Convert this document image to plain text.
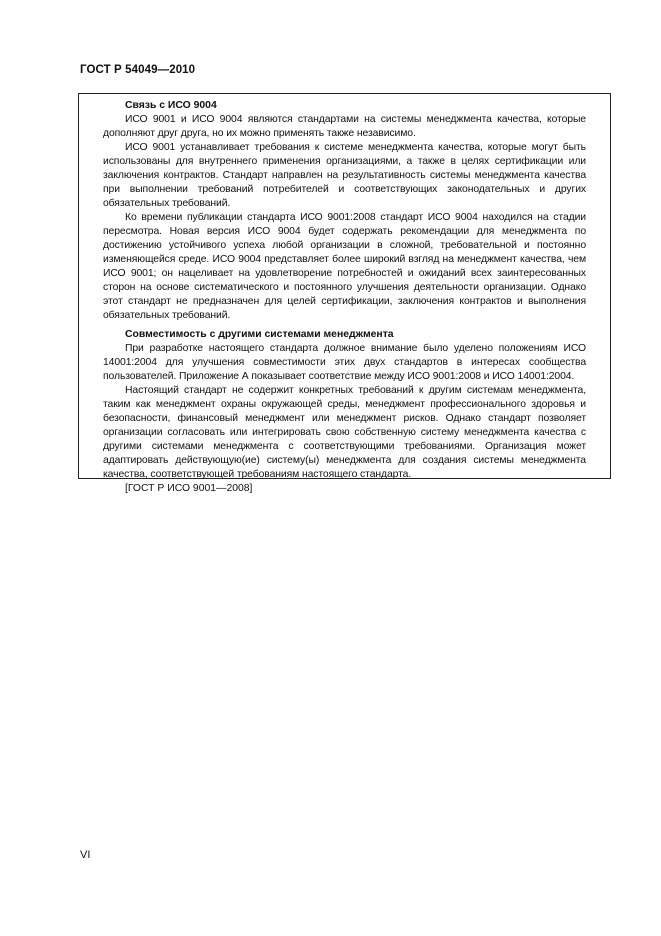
ГОСТ Р 54049—2010

Связь с ИСО 9004

ИСО 9001 и ИСО 9004 являются стандартами на системы менеджмента качества, которые дополняют друг друга, но их можно применять также независимо.

ИСО 9001 устанавливает требования к системе менеджмента качества, которые могут быть использованы для внутреннего применения организациями, а также в целях сертификации или заключения контрактов. Стандарт направлен на результативность системы менеджмента качества при выполнении требований потребителей и соответствующих законодательных и других обязательных требований.

Ко времени публикации стандарта ИСО 9001:2008 стандарт ИСО 9004 находился на стадии пересмотра. Новая версия ИСО 9004 будет содержать рекомендации для менеджмента по достижению устойчивого успеха любой организации в сложной, требовательной и постоянно изменяющейся среде. ИСО 9004 представляет более широкий взгляд на менеджмент качества, чем ИСО 9001; он нацеливает на удовлетворение потребностей и ожиданий всех заинтересованных сторон на основе систематического и постоянного улучшения деятельности организации. Однако этот стандарт не предназначен для целей сертификации, заключения контрактов и выполнения обязательных требований.

Совместимость с другими системами менеджмента

При разработке настоящего стандарта должное внимание было уделено положениям ИСО 14001:2004 для улучшения совместимости этих двух стандартов в интересах сообщества пользователей. Приложение А показывает соответствие между ИСО 9001:2008 и ИСО 14001:2004.

Настоящий стандарт не содержит конкретных требований к другим системам менеджмента, таким как менеджмент охраны окружающей среды, менеджмент профессионального здоровья и безопасности, финансовый менеджмент или менеджмент рисков. Однако стандарт позволяет организации согласовать или интегрировать свою собственную систему менеджмента качества с другими системами менеджмента с соответствующими требованиями. Организация может адаптировать действующую(ие) систему(ы) менеджмента для создания системы менеджмента качества, соответствующей требованиям настоящего стандарта.

[ГОСТ Р ИСО 9001—2008]
VI
